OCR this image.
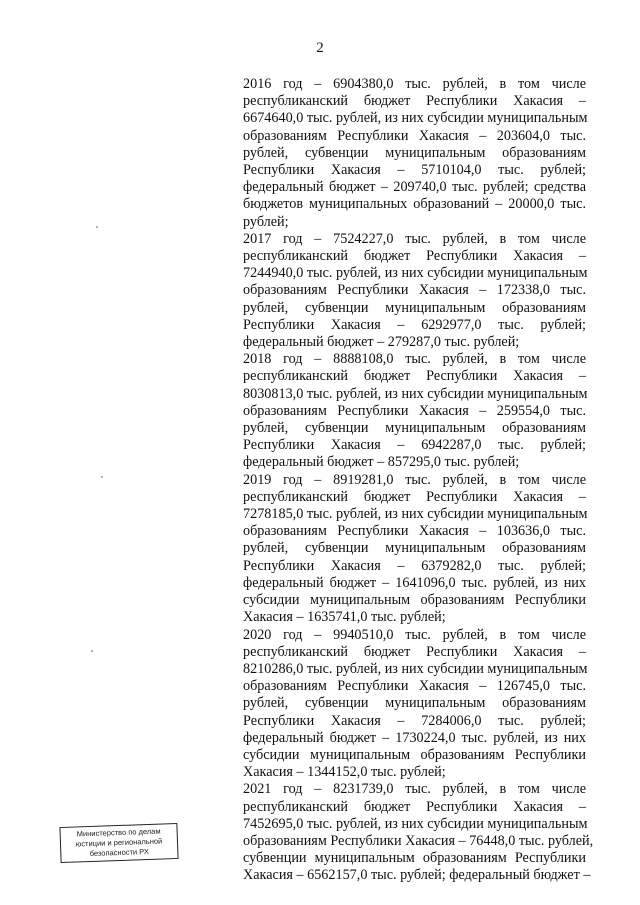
2
2016 год – 6904380,0 тыс. рублей, в том числе
республиканский бюджет Республики Хакасия –
6674640,0 тыс. рублей, из них субсидии муниципальным
образованиям Республики Хакасия – 203604,0 тыс.
рублей, субвенции муниципальным образованиям
Республики Хакасия – 5710104,0 тыс. рублей;
федеральный бюджет – 209740,0 тыс. рублей; средства
бюджетов муниципальных образований – 20000,0 тыс.
рублей;
2017 год – 7524227,0 тыс. рублей, в том числе
республиканский бюджет Республики Хакасия –
7244940,0 тыс. рублей, из них субсидии муниципальным
образованиям Республики Хакасия – 172338,0 тыс.
рублей, субвенции муниципальным образованиям
Республики Хакасия – 6292977,0 тыс. рублей;
федеральный бюджет – 279287,0 тыс. рублей;
2018 год – 8888108,0 тыс. рублей, в том числе
республиканский бюджет Республики Хакасия –
8030813,0 тыс. рублей, из них субсидии муниципальным
образованиям Республики Хакасия – 259554,0 тыс.
рублей, субвенции муниципальным образованиям
Республики Хакасия – 6942287,0 тыс. рублей;
федеральный бюджет – 857295,0 тыс. рублей;
2019 год – 8919281,0 тыс. рублей, в том числе
республиканский бюджет Республики Хакасия –
7278185,0 тыс. рублей, из них субсидии муниципальным
образованиям Республики Хакасия – 103636,0 тыс.
рублей, субвенции муниципальным образованиям
Республики Хакасия – 6379282,0 тыс. рублей;
федеральный бюджет – 1641096,0 тыс. рублей, из них
субсидии муниципальным образованиям Республики
Хакасия – 1635741,0 тыс. рублей;
2020 год – 9940510,0 тыс. рублей, в том числе
республиканский бюджет Республики Хакасия –
8210286,0 тыс. рублей, из них субсидии муниципальным
образованиям Республики Хакасия – 126745,0 тыс.
рублей, субвенции муниципальным образованиям
Республики Хакасия – 7284006,0 тыс. рублей;
федеральный бюджет – 1730224,0 тыс. рублей, из них
субсидии муниципальным образованиям Республики
Хакасия – 1344152,0 тыс. рублей;
2021 год – 8231739,0 тыс. рублей, в том числе
республиканский бюджет Республики Хакасия –
7452695,0 тыс. рублей, из них субсидии муниципальным
образованиям Республики Хакасия – 76448,0 тыс. рублей,
субвенции муниципальным образованиям Республики
Хакасия – 6562157,0 тыс. рублей; федеральный бюджет –
Министерство по делам
юстиции и региональной
безопасности РХ
